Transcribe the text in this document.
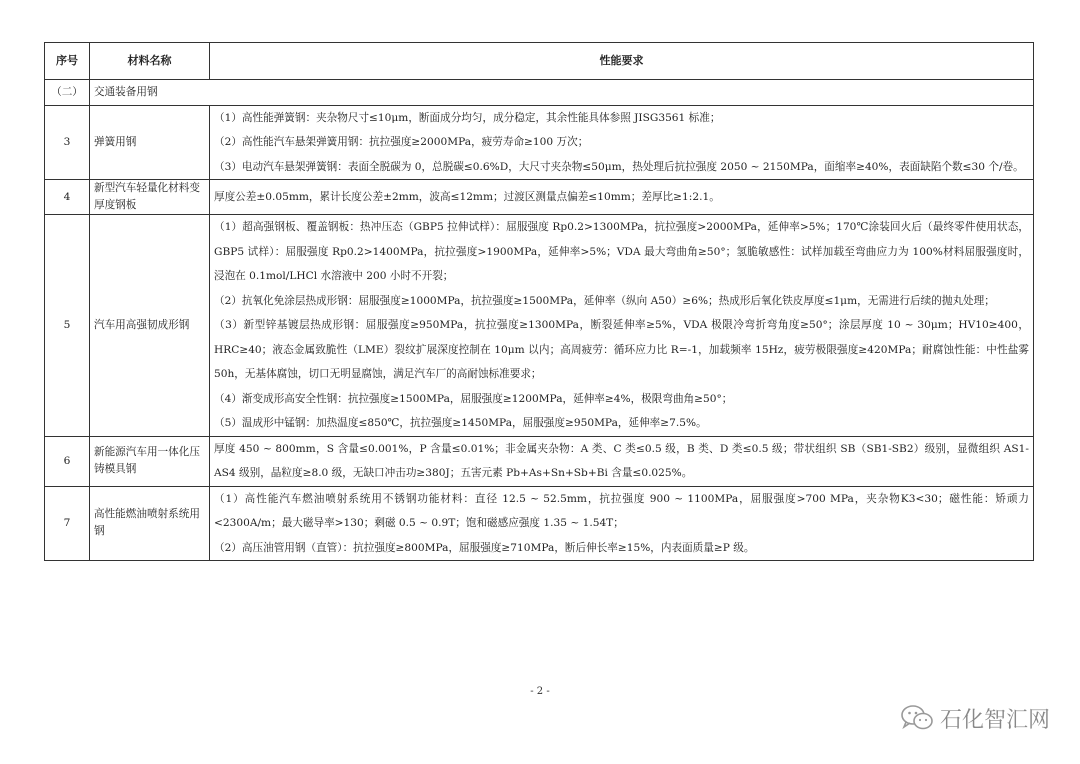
序号	材料名称	性能要求
（二）	交通装备用钢	
3	弹簧用钢	（1）高性能弹簧钢：夹杂物尺寸≤10μm，断面成分均匀，成分稳定，其余性能具体参照 JISG3561 标准；
（2）高性能汽车悬架弹簧用钢：抗拉强度≥2000MPa，疲劳寿命≥100 万次；
（3）电动汽车悬架弹簧钢：表面全脱碳为 0，总脱碳≤0.6%D，大尺寸夹杂物≤50μm，热处理后抗拉强度 2050 ~ 2150MPa，面缩率≥40%，表面缺陷个数≤30 个/卷。

4	新型汽车轻量化材料变厚度钢板	厚度公差±0.05mm，累计长度公差±2mm，波高≤12mm；过渡区测量点偏差≤10mm；差厚比≥1:2.1。

5	汽车用高强韧成形钢	（1）超高强钢板、覆盖钢板：热冲压态（GBP5 拉伸试样）：屈服强度 Rp0.2>1300MPa，抗拉强度>2000MPa，延伸率>5%；170℃涂装回火后（最终零件使用状态，GBP5 试样）：屈服强度 Rp0.2>1400MPa，抗拉强度>1900MPa，延伸率>5%；VDA 最大弯曲角≥50°；氢脆敏感性：试样加载至弯曲应力为 100%材料屈服强度时，浸泡在 0.1mol/LHCl 水溶液中 200 小时不开裂；
（2）抗氧化免涂层热成形钢：屈服强度≥1000MPa，抗拉强度≥1500MPa，延伸率（纵向 A50）≥6%；热成形后氧化铁皮厚度≤1μm，无需进行后续的抛丸处理；
（3）新型锌基镀层热成形钢：屈服强度≥950MPa，抗拉强度≥1300MPa，断裂延伸率≥5%，VDA 极限冷弯折弯角度≥50°；涂层厚度 10 ~ 30μm；HV10≥400，HRC≥40；液态金属致脆性（LME）裂纹扩展深度控制在 10μm 以内；高周疲劳：循环应力比 R=-1，加载频率 15Hz，疲劳极限强度≥420MPa；耐腐蚀性能：中性盐雾 50h，无基体腐蚀，切口无明显腐蚀，满足汽车厂的高耐蚀标准要求；
（4）渐变成形高安全性钢：抗拉强度≥1500MPa，屈服强度≥1200MPa，延伸率≥4%，极限弯曲角≥50°；
（5）温成形中锰钢：加热温度≤850℃，抗拉强度≥1450MPa，屈服强度≥950MPa，延伸率≥7.5%。

6	新能源汽车用一体化压铸模具钢	厚度 450 ~ 800mm，S 含量≤0.001%，P 含量≤0.01%；非金属夹杂物：A 类、C 类≤0.5 级，B 类、D 类≤0.5 级；带状组织 SB（SB1-SB2）级别，显微组织 AS1-AS4 级别，晶粒度≥8.0 级，无缺口冲击功≥380J；五害元素 Pb+As+Sn+Sb+Bi 含量≤0.025%。

7	高性能燃油喷射系统用钢	（1）高性能汽车燃油喷射系统用不锈钢功能材料：直径 12.5 ~ 52.5mm，抗拉强度 900 ~ 1100MPa，屈服强度>700 MPa，夹杂物K3<30；磁性能：矫顽力<2300A/m；最大磁导率>130；剩磁 0.5 ~ 0.9T；饱和磁感应强度 1.35 ~ 1.54T；
（2）高压油管用钢（直管）：抗拉强度≥800MPa，屈服强度≥710MPa，断后伸长率≥15%，内表面质量≥P 级。
- 2 -
石化智汇网
